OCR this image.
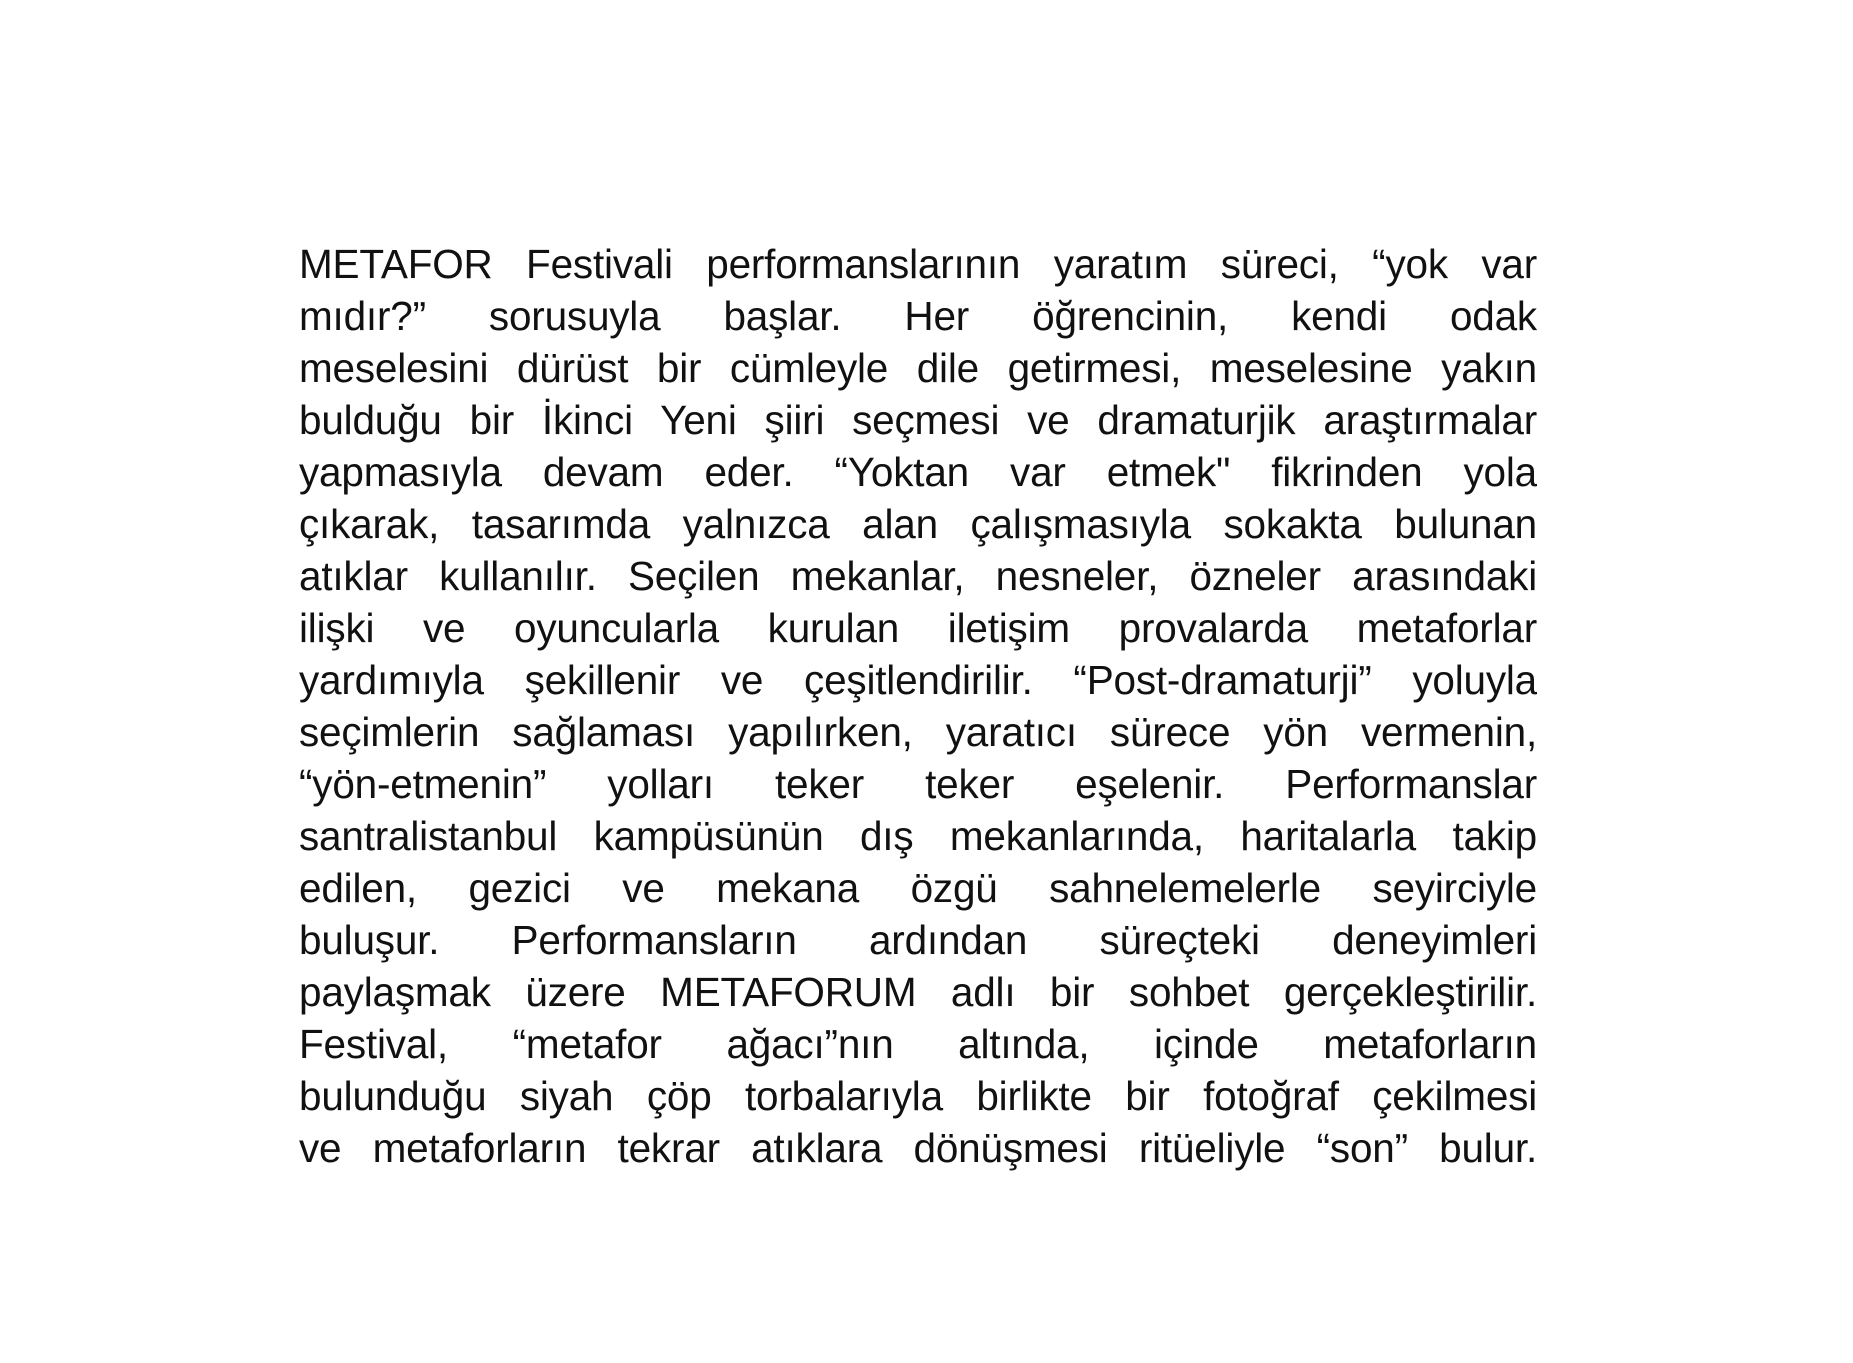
METAFOR Festivali performanslarının yaratım süreci, “yok var
mıdır?” sorusuyla başlar. Her öğrencinin, kendi odak
meselesini dürüst bir cümleyle dile getirmesi, meselesine yakın
bulduğu bir İkinci Yeni şiiri seçmesi ve dramaturjik araştırmalar
yapmasıyla devam eder. “Yoktan var etmek" fikrinden yola
çıkarak, tasarımda yalnızca alan çalışmasıyla sokakta bulunan
atıklar kullanılır. Seçilen mekanlar, nesneler, özneler arasındaki
ilişki ve oyuncularla kurulan iletişim provalarda metaforlar
yardımıyla şekillenir ve çeşitlendirilir. “Post-dramaturji” yoluyla
seçimlerin sağlaması yapılırken, yaratıcı sürece yön vermenin,
“yön-etmenin” yolları teker teker eşelenir. Performanslar
santralistanbul kampüsünün dış mekanlarında, haritalarla takip
edilen, gezici ve mekana özgü sahnelemelerle seyirciyle
buluşur. Performansların ardından süreçteki deneyimleri
paylaşmak üzere METAFORUM adlı bir sohbet gerçekleştirilir.
Festival, “metafor ağacı”nın altında, içinde metaforların
bulunduğu siyah çöp torbalarıyla birlikte bir fotoğraf çekilmesi
ve metaforların tekrar atıklara dönüşmesi ritüeliyle “son” bulur.
